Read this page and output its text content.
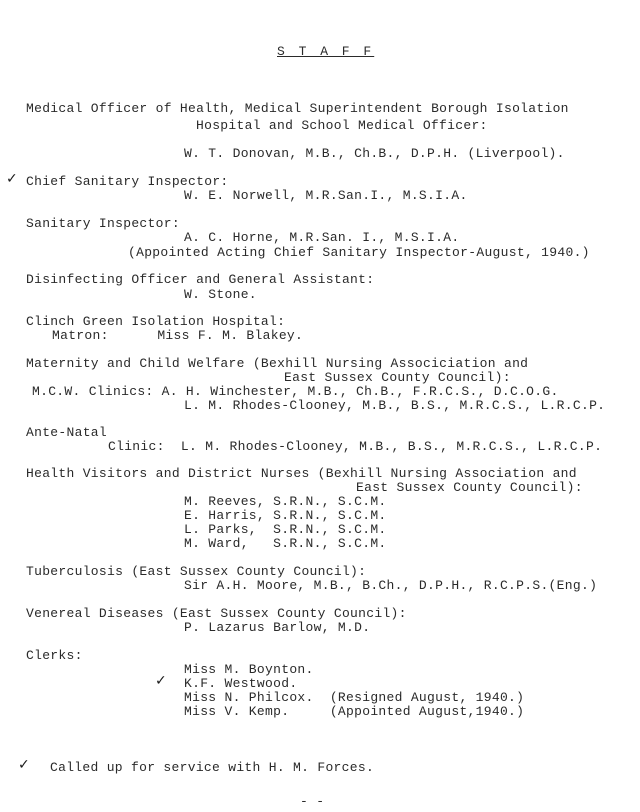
S T A F F
Medical Officer of Health, Medical Superintendent Borough Isolation
Hospital and School Medical Officer:
W. T. Donovan, M.B., Ch.B., D.P.H. (Liverpool).
✓ Chief Sanitary Inspector:
W. E. Norwell, M.R.San.I., M.S.I.A.
Sanitary Inspector:
A. C. Horne, M.R.San. I., M.S.I.A.
(Appointed Acting Chief Sanitary Inspector-August, 1940.)
Disinfecting Officer and General Assistant:
W. Stone.
Clinch Green Isolation Hospital:
Matron:      Miss F. M. Blakey.
Maternity and Child Welfare (Bexhill Nursing Associciation and
East Sussex County Council):
M.C.W. Clinics: A. H. Winchester, M.B., Ch.B., F.R.C.S., D.C.O.G.
L. M. Rhodes-Clooney, M.B., B.S., M.R.C.S., L.R.C.P.
Ante-Natal
Clinic:  L. M. Rhodes-Clooney, M.B., B.S., M.R.C.S., L.R.C.P.
Health Visitors and District Nurses (Bexhill Nursing Association and
East Sussex County Council):
M. Reeves, S.R.N., S.C.M.
E. Harris, S.R.N., S.C.M.
L. Parks,  S.R.N., S.C.M.
M. Ward,   S.R.N., S.C.M.
Tuberculosis (East Sussex County Council):
Sir A.H. Moore, M.B., B.Ch., D.P.H., R.C.P.S.(Eng.)
Venereal Diseases (East Sussex County Council):
P. Lazarus Barlow, M.D.
Clerks:
Miss M. Boynton.
✓ K.F. Westwood.
Miss N. Philcox.  (Resigned August, 1940.)
Miss V. Kemp.     (Appointed August,1940.)
✓ Called up for service with H. M. Forces.
- -
